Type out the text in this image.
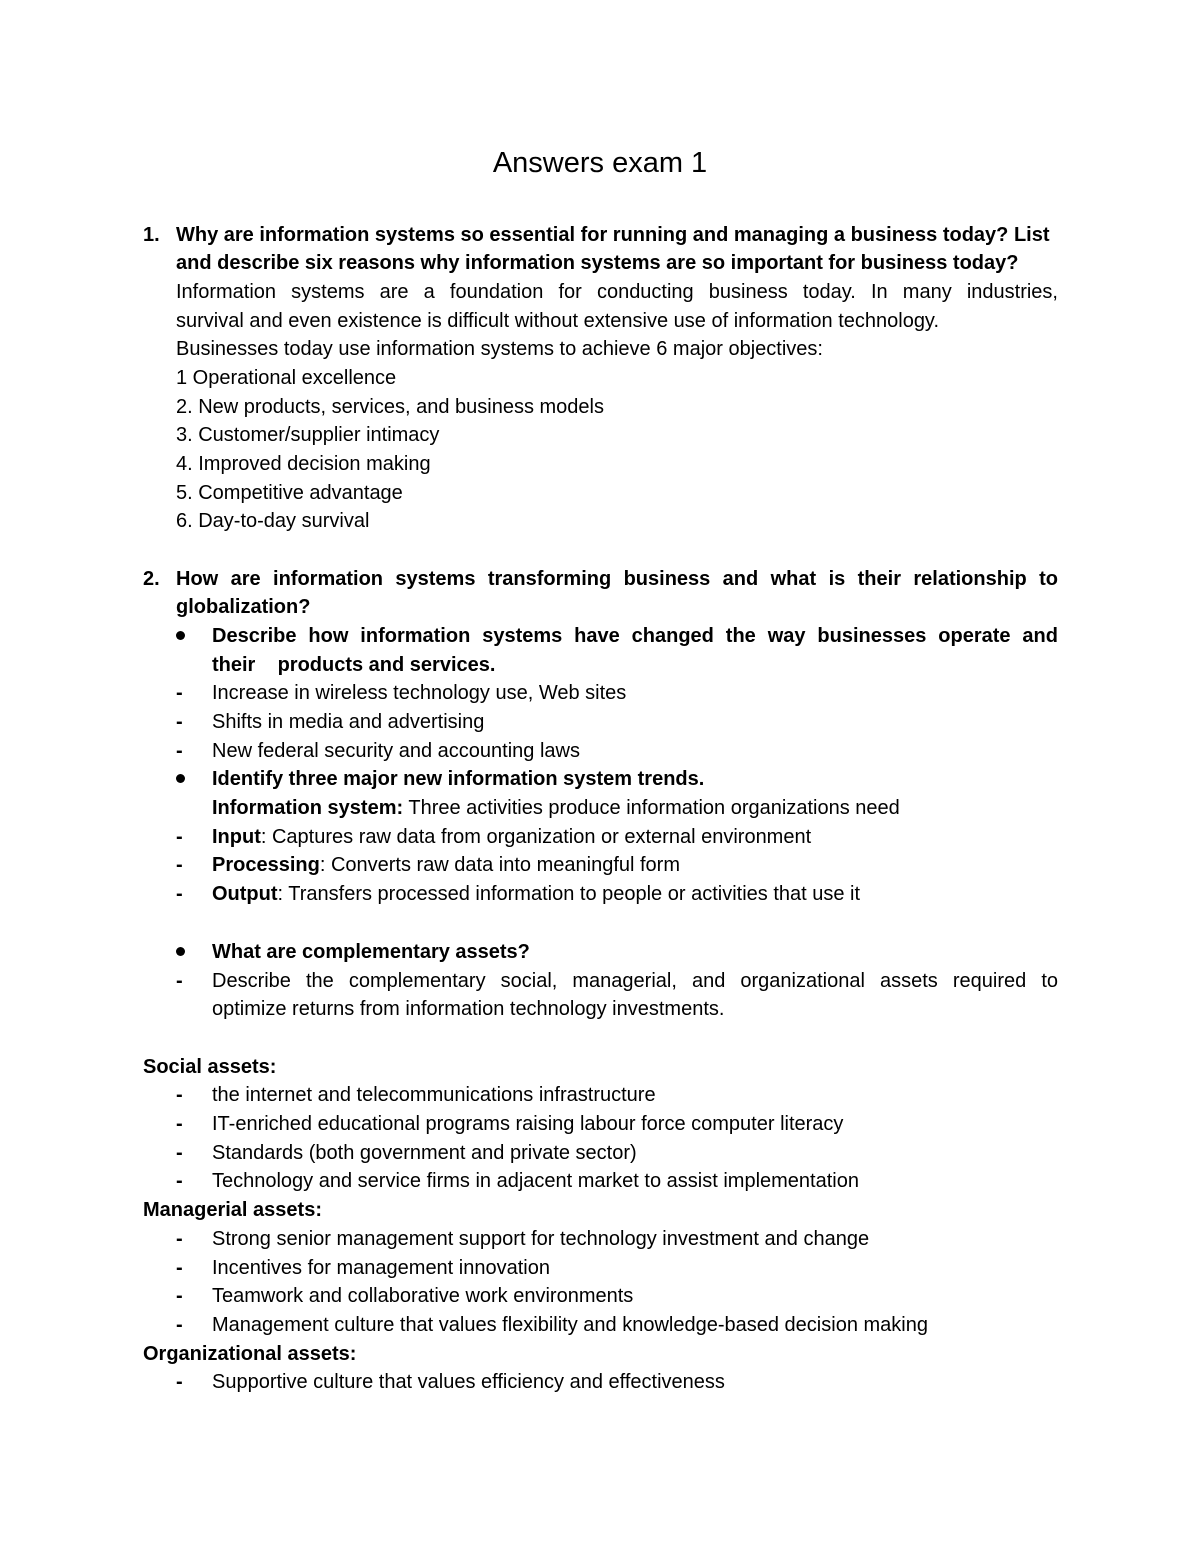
Answers exam 1
1. Why are information systems so essential for running and managing a business today? List
and describe six reasons why information systems are so important for business today?
Information systems are a foundation for conducting business today. In many industries,
survival and even existence is difficult without extensive use of information technology.
Businesses today use information systems to achieve 6 major objectives:
1 Operational excellence
2. New products, services, and business models
3. Customer/supplier intimacy
4. Improved decision making
5. Competitive advantage
6. Day-to-day survival
2. How are information systems transforming business and what is their relationship to
globalization?
Describe how information systems have changed the way businesses operate and
their    products and services.
- Increase in wireless technology use, Web sites
- Shifts in media and advertising
- New federal security and accounting laws
Identify three major new information system trends.
Information system: Three activities produce information organizations need
- Input: Captures raw data from organization or external environment
- Processing: Converts raw data into meaningful form
- Output: Transfers processed information to people or activities that use it
What are complementary assets?
- Describe the complementary social, managerial, and organizational assets required to
optimize returns from information technology investments.
Social assets:
- the internet and telecommunications infrastructure
- IT-enriched educational programs raising labour force computer literacy
- Standards (both government and private sector)
- Technology and service firms in adjacent market to assist implementation
Managerial assets:
- Strong senior management support for technology investment and change
- Incentives for management innovation
- Teamwork and collaborative work environments
- Management culture that values flexibility and knowledge-based decision making
Organizational assets:
- Supportive culture that values efficiency and effectiveness
